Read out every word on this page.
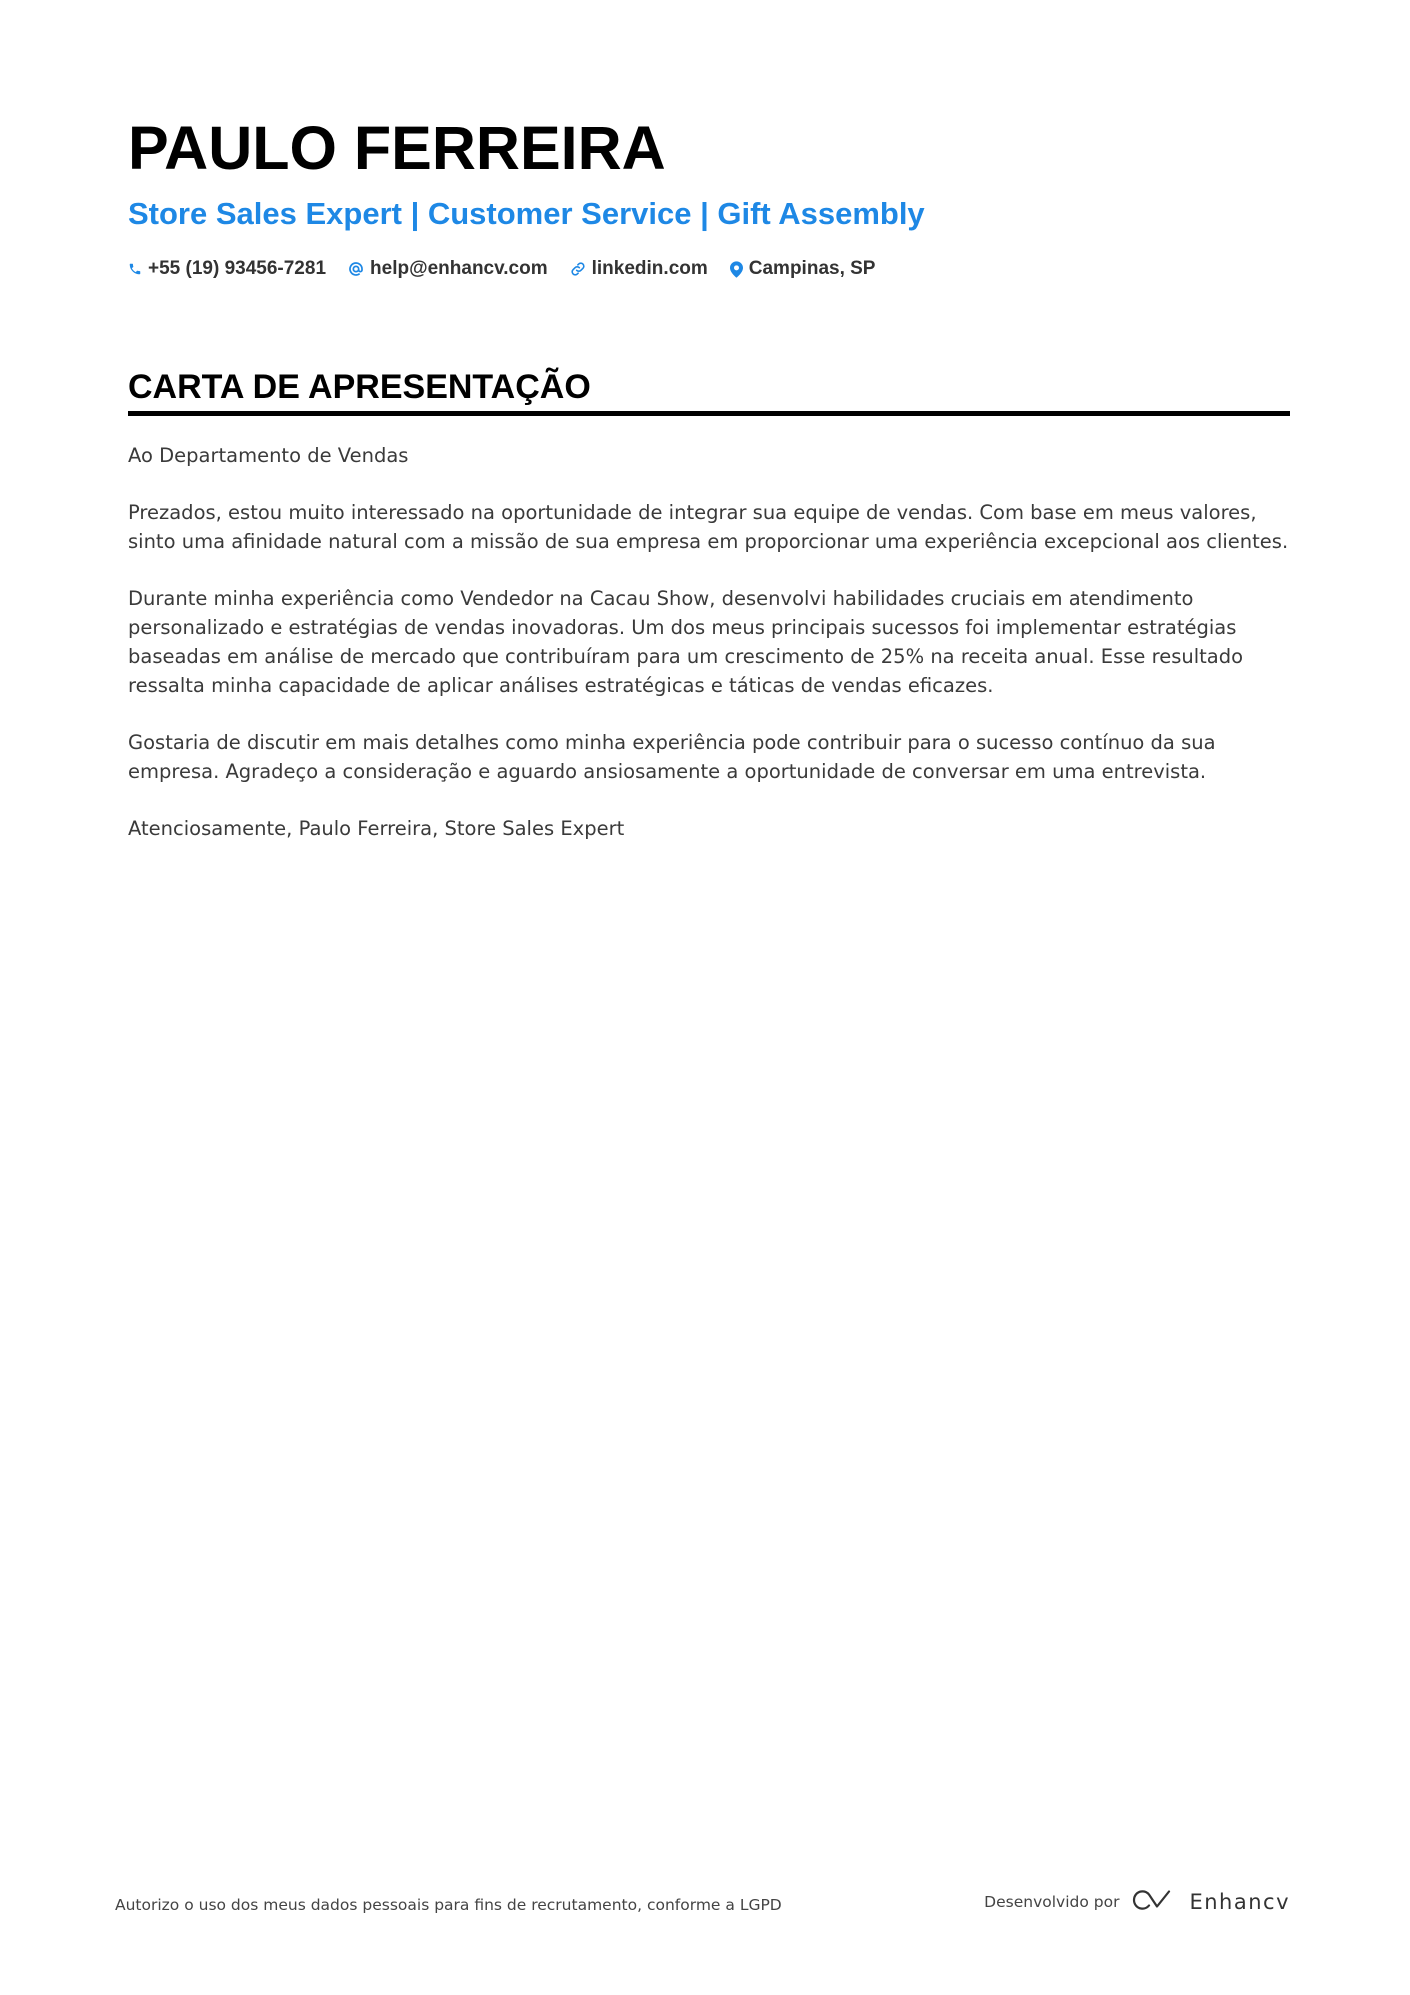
PAULO FERREIRA
Store Sales Expert | Customer Service | Gift Assembly
+55 (19) 93456-7281 help@enhancv.com linkedin.com Campinas, SP
CARTA DE APRESENTAÇÃO

Ao Departamento de Vendas

Prezados, estou muito interessado na oportunidade de integrar sua equipe de vendas. Com base em meus valores, sinto uma afinidade natural com a missão de sua empresa em proporcionar uma experiência excepcional aos clientes.

Durante minha experiência como Vendedor na Cacau Show, desenvolvi habilidades cruciais em atendimento personalizado e estratégias de vendas inovadoras. Um dos meus principais sucessos foi implementar estratégias baseadas em análise de mercado que contribuíram para um crescimento de 25% na receita anual. Esse resultado ressalta minha capacidade de aplicar análises estratégicas e táticas de vendas eficazes.

Gostaria de discutir em mais detalhes como minha experiência pode contribuir para o sucesso contínuo da sua empresa. Agradeço a consideração e aguardo ansiosamente a oportunidade de conversar em uma entrevista.

Atenciosamente, Paulo Ferreira, Store Sales Expert

Autorizo o uso dos meus dados pessoais para fins de recrutamento, conforme a LGPD	Desenvolvido por	Enhancv
